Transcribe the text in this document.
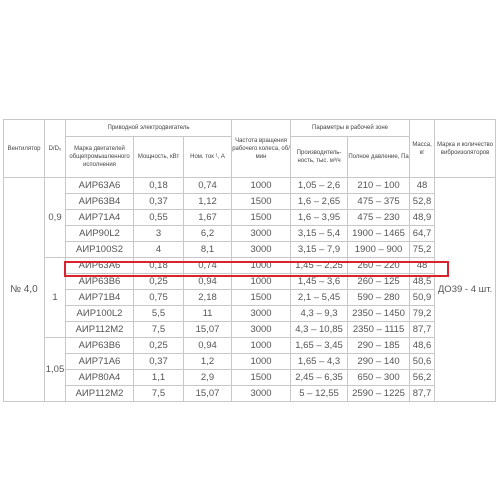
Вентилятор	D/D₀	Приводной электродвигатель			Частота вращения рабочего колеса, об/мин	Параметры в рабочей зоне		Масса, кг	Марка и количество виброизоляторов
		Марка двигателей общепромышленного исполнения	Мощность, кВт	Ном. ток ¹, А		Производитель-ность, тыс. м³/ч	Полное давление, Па		
№ 4,0	0,9	АИР63А6	0,18	0,74	1000	1,05 – 2,6	210 – 100	48	ДО39 - 4 шт.
		АИР63В4	0,37	1,12	1500	1,6 – 2,65	475 – 375	52,8	
		АИР71А4	0,55	1,67	1500	1,6 – 3,95	475 – 230	48,9	
		АИР90L2	3	6,2	3000	3,15 – 5,4	1900 – 1465	64,7	
		АИР100S2	4	8,1	3000	3,15 – 7,9	1900 – 900	75,2	
	1	АИР63А6	0,18	0,74	1000	1,45 – 2,25	260 – 220	48	
		АИР63В6	0,25	0,94	1000	1,45 – 3,6	260 – 125	48,5	
		АИР71В4	0,75	2,18	1500	2,1 – 5,45	590 – 280	50,9	
		АИР100L2	5,5	11	3000	4,3 – 9,3	2350 – 1450	79,2	
		АИР112М2	7,5	15,07	3000	4,3 – 10,85	2350 – 1115	87,7	
	1,05	АИР63В6	0,25	0,94	1000	1,65 – 3,45	290 – 185	48,6	
		АИР71А6	0,37	1,2	1000	1,65 – 4,3	290 – 140	50,6	
		АИР80А4	1,1	2,9	1500	2,45 – 6,35	650 – 300	56,2	
		АИР112М2	7,5	15,07	3000	5 – 12,55	2590 – 1225	87,7	
